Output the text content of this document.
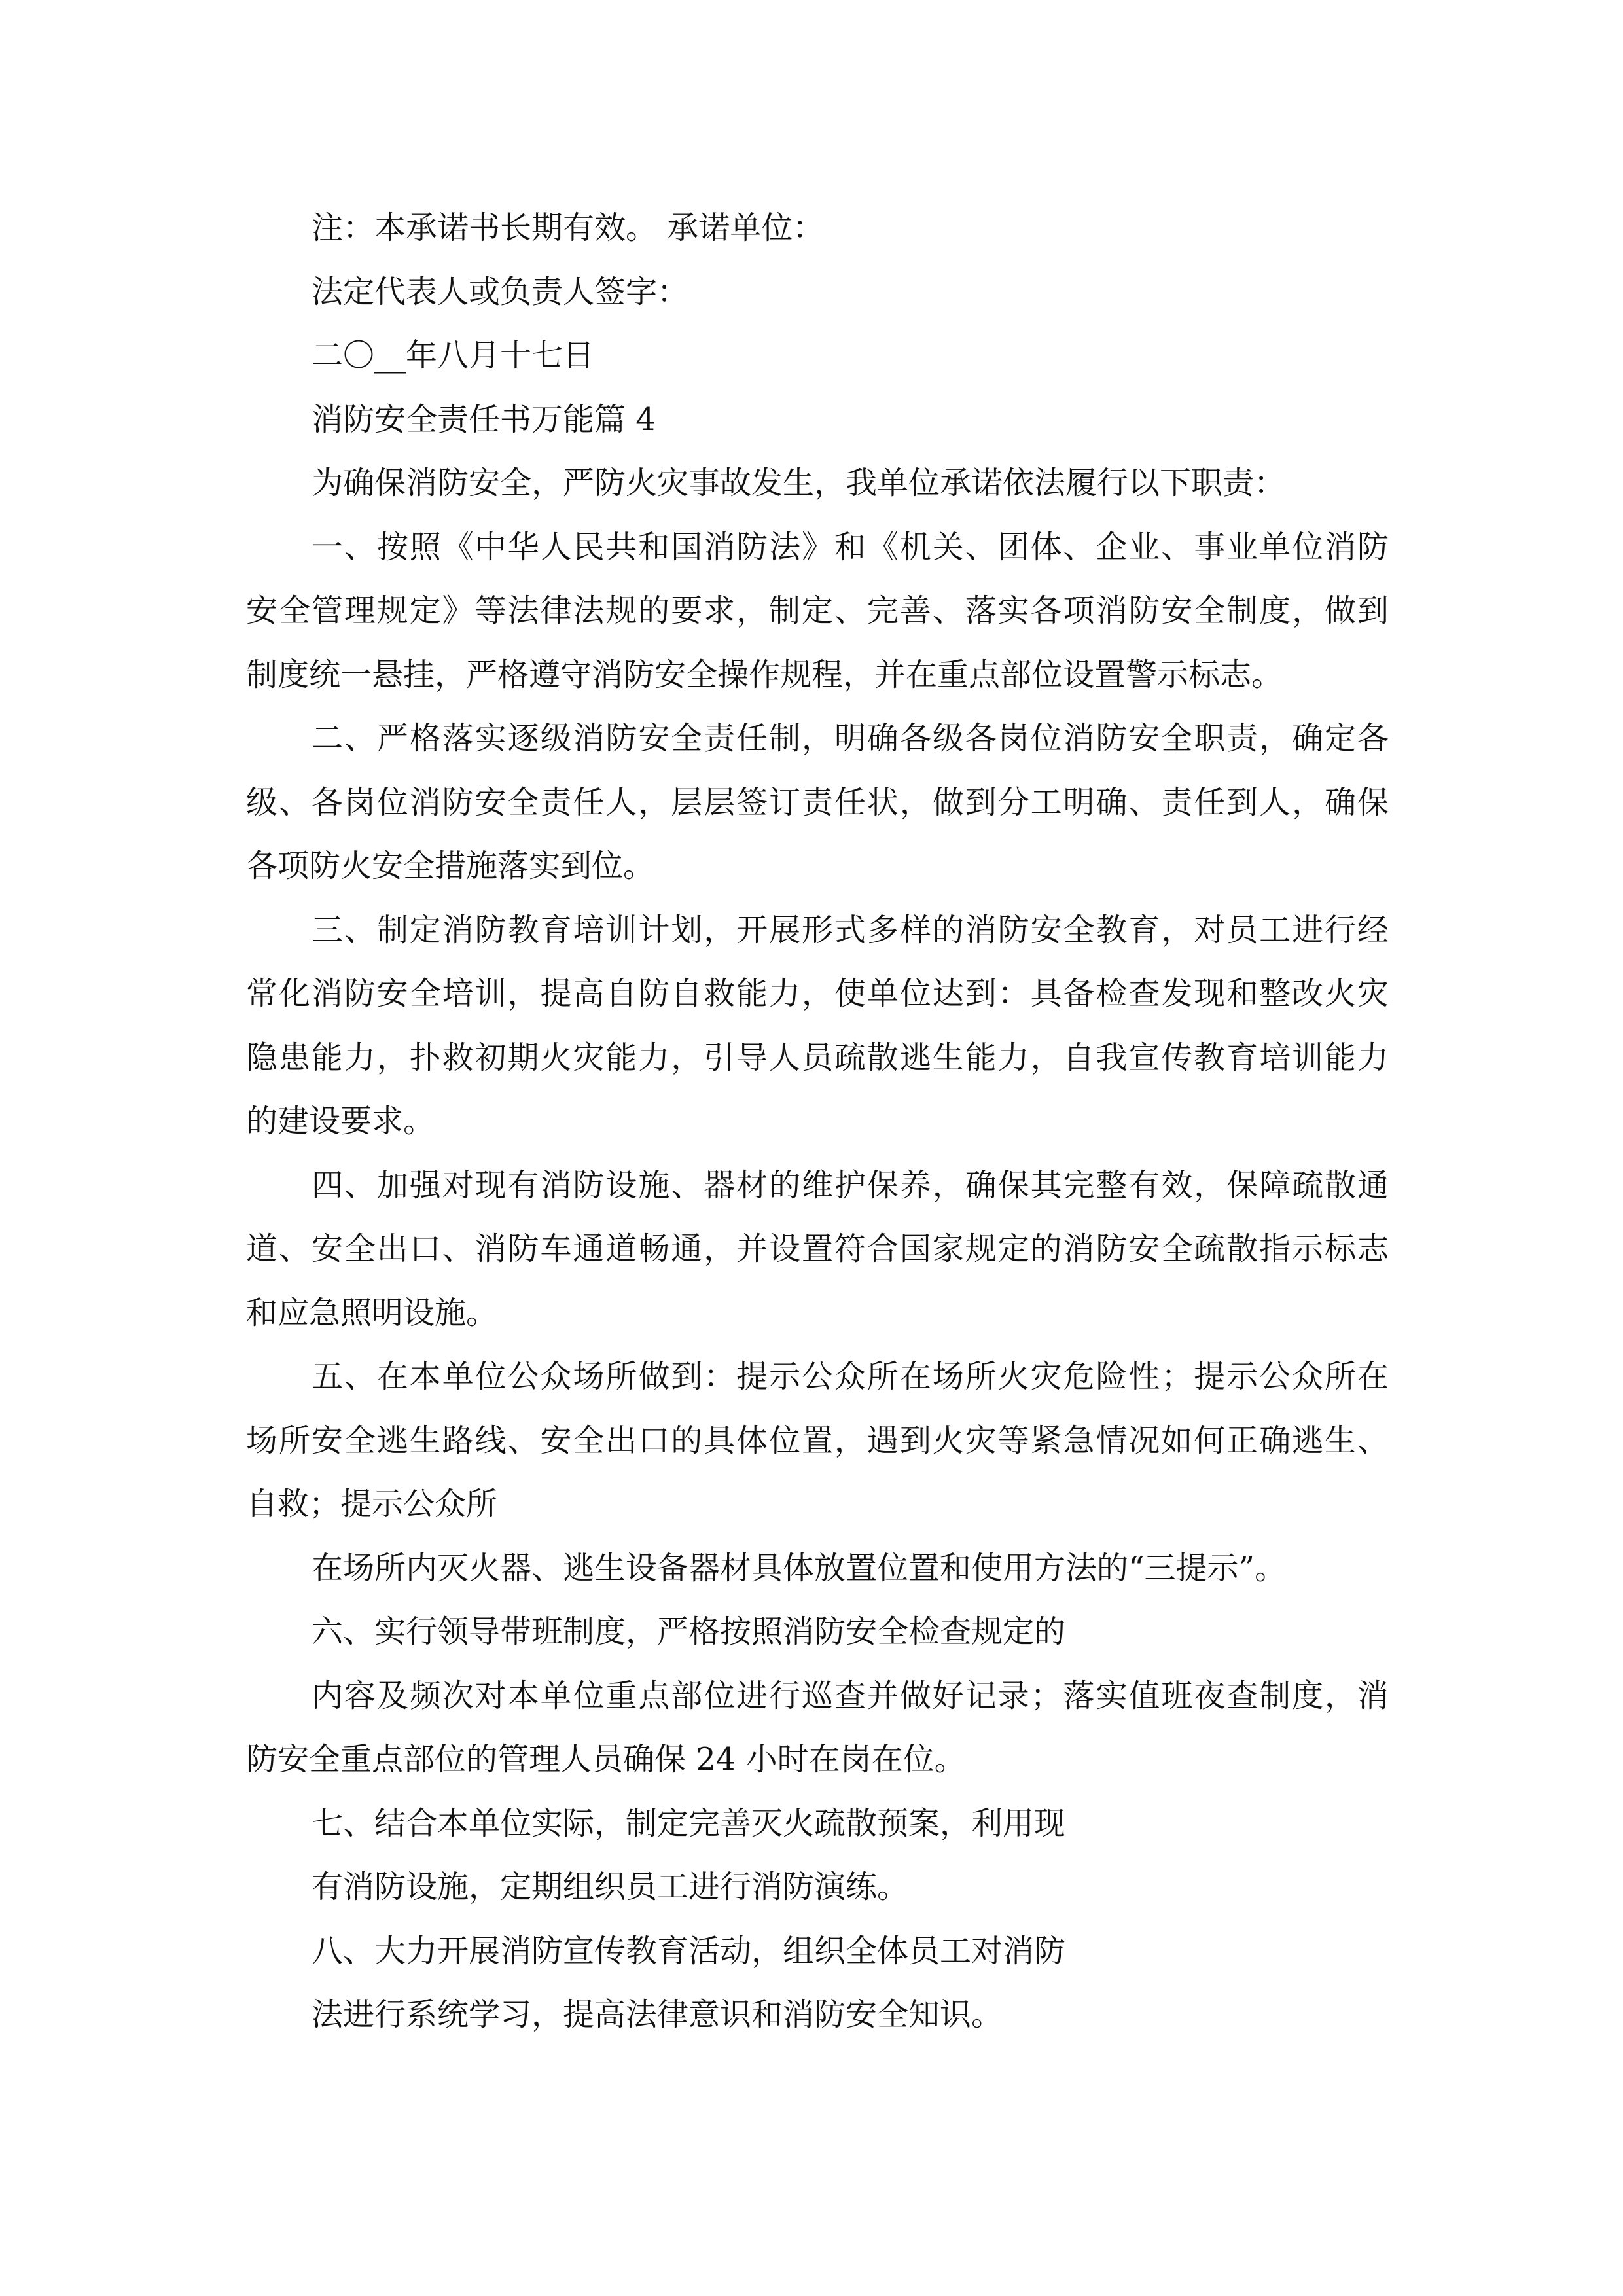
注：本承诺书长期有效。 承诺单位：
法定代表人或负责人签字：
二〇__年八月十七日
消防安全责任书万能篇 4
为确保消防安全，严防火灾事故发生，我单位承诺依法履行以下职责：
一、按照《中华人民共和国消防法》和《机关、团体、企业、事业单位消防
安全管理规定》等法律法规的要求，制定、完善、落实各项消防安全制度，做到
制度统一悬挂，严格遵守消防安全操作规程，并在重点部位设置警示标志。
二、严格落实逐级消防安全责任制，明确各级各岗位消防安全职责，确定各
级、各岗位消防安全责任人，层层签订责任状，做到分工明确、责任到人，确保
各项防火安全措施落实到位。
三、制定消防教育培训计划，开展形式多样的消防安全教育，对员工进行经
常化消防安全培训，提高自防自救能力，使单位达到：具备检查发现和整改火灾
隐患能力，扑救初期火灾能力，引导人员疏散逃生能力，自我宣传教育培训能力
的建设要求。
四、加强对现有消防设施、器材的维护保养，确保其完整有效，保障疏散通
道、安全出口、消防车通道畅通，并设置符合国家规定的消防安全疏散指示标志
和应急照明设施。
五、在本单位公众场所做到：提示公众所在场所火灾危险性；提示公众所在
场所安全逃生路线、安全出口的具体位置，遇到火灾等紧急情况如何正确逃生、
自救；提示公众所
在场所内灭火器、逃生设备器材具体放置位置和使用方法的“三提示”。
六、实行领导带班制度，严格按照消防安全检查规定的
内容及频次对本单位重点部位进行巡查并做好记录；落实值班夜查制度，消
防安全重点部位的管理人员确保 24 小时在岗在位。
七、结合本单位实际，制定完善灭火疏散预案，利用现
有消防设施，定期组织员工进行消防演练。
八、大力开展消防宣传教育活动，组织全体员工对消防
法进行系统学习，提高法律意识和消防安全知识。
